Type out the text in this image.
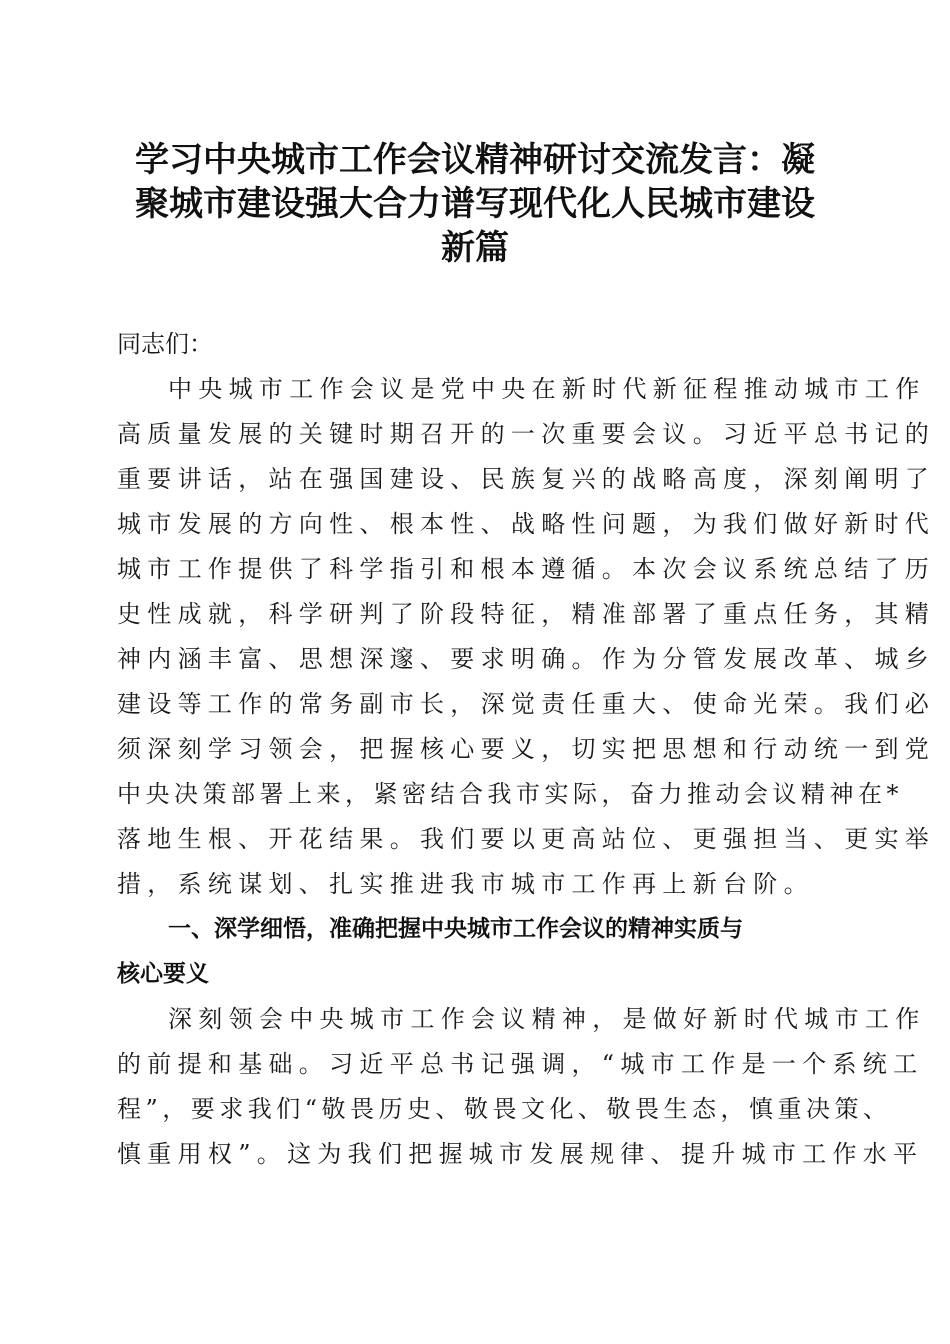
学习中央城市工作会议精神研讨交流发言：凝
聚城市建设强大合力谱写现代化人民城市建设
新篇
同志们：
中央城市工作会议是党中央在新时代新征程推动城市工作
高质量发展的关键时期召开的一次重要会议。习近平总书记的
重要讲话，站在强国建设、民族复兴的战略高度，深刻阐明了
城市发展的方向性、根本性、战略性问题，为我们做好新时代
城市工作提供了科学指引和根本遵循。本次会议系统总结了历
史性成就，科学研判了阶段特征，精准部署了重点任务，其精
神内涵丰富、思想深邃、要求明确。作为分管发展改革、城乡
建设等工作的常务副市长，深觉责任重大、使命光荣。我们必
须深刻学习领会，把握核心要义，切实把思想和行动统一到党
中央决策部署上来，紧密结合我市实际，奋力推动会议精神在*
落地生根、开花结果。我们要以更高站位、更强担当、更实举
措，系统谋划、扎实推进我市城市工作再上新台阶。
一、深学细悟，准确把握中央城市工作会议的精神实质与
核心要义
深刻领会中央城市工作会议精神，是做好新时代城市工作
的前提和基础。习近平总书记强调，“城市工作是一个系统工
程”，要求我们“敬畏历史、敬畏文化、敬畏生态，慎重决策、
慎重用权”。这为我们把握城市发展规律、提升城市工作水平
